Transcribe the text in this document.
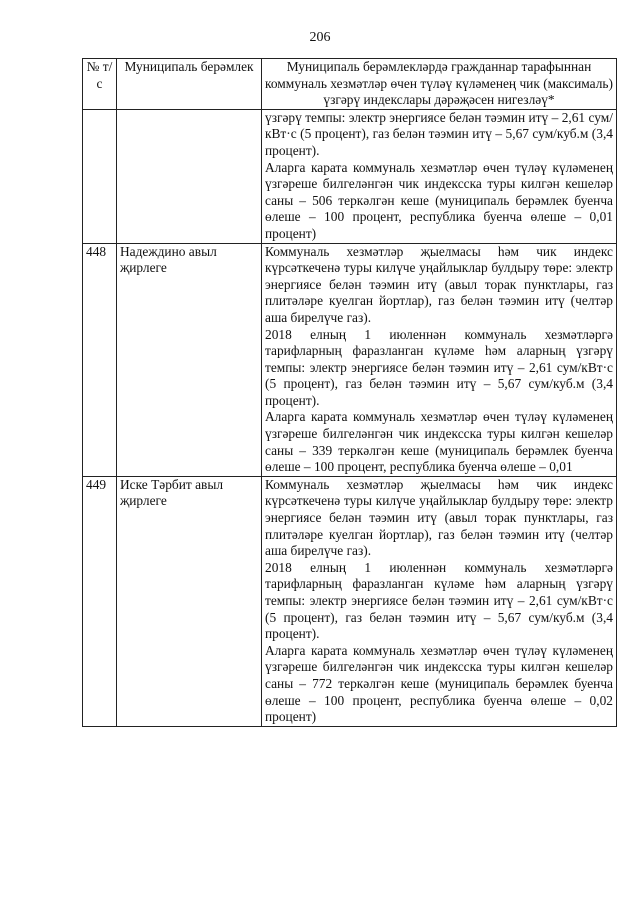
206
№ т/с	Муниципаль берәмлек	Муниципаль берәмлекләрдә гражданнар тарафыннан коммуналь хезмәтләр өчен түләү күләменең чик (максималь) үзгәрү индекслары дәрәҗәсен нигезләү*

		үзгәрү темпы: электр энергиясе белән тәэмин итү – 2,61 сум/кВт·с (5 процент), газ белән тәэмин итү – 5,67 сум/куб.м (3,4 процент).

Аларга карата коммуналь хезмәтләр өчен түләү күләменең үзгәреше билгеләнгән чик индексска туры килгән кешеләр саны – 506 теркәлгән кеше (муниципаль берәмлек буенча өлеше – 100 процент, республика буенча өлеше – 0,01 процент)

448	Надеждино авыл җирлеге	Коммуналь хезмәтләр җыелмасы һәм чик индекс күрсәткеченә туры килүче уңайлыклар булдыру төре: электр энергиясе белән тәэмин итү (авыл торак пунктлары, газ плитәләре куелган йортлар), газ белән тәэмин итү (челтәр аша бирелүче газ).

2018 елның 1 июленнән коммуналь хезмәтләргә тарифларның фаразланган күләме һәм аларның үзгәрү темпы: электр энергиясе белән тәэмин итү – 2,61 сум/кВт·с (5 процент), газ белән тәэмин итү – 5,67 сум/куб.м (3,4 процент).

Аларга карата коммуналь хезмәтләр өчен түләү күләменең үзгәреше билгеләнгән чик индексска туры килгән кешеләр саны – 339 теркәлгән кеше (муниципаль берәмлек буенча өлеше – 100 процент, республика буенча өлеше – 0,01

449	Иске Тәрбит авыл җирлеге	Коммуналь хезмәтләр җыелмасы һәм чик индекс күрсәткеченә туры килүче уңайлыклар булдыру төре: электр энергиясе белән тәэмин итү (авыл торак пунктлары, газ плитәләре куелган йортлар), газ белән тәэмин итү (челтәр аша бирелүче газ).

2018 елның 1 июленнән коммуналь хезмәтләргә тарифларның фаразланган күләме һәм аларның үзгәрү темпы: электр энергиясе белән тәэмин итү – 2,61 сум/кВт·с (5 процент), газ белән тәэмин итү – 5,67 сум/куб.м (3,4 процент).

Аларга карата коммуналь хезмәтләр өчен түләү күләменең үзгәреше билгеләнгән чик индексска туры килгән кешеләр саны – 772 теркәлгән кеше (муниципаль берәмлек буенча өлеше – 100 процент, республика буенча өлеше – 0,02 процент)
